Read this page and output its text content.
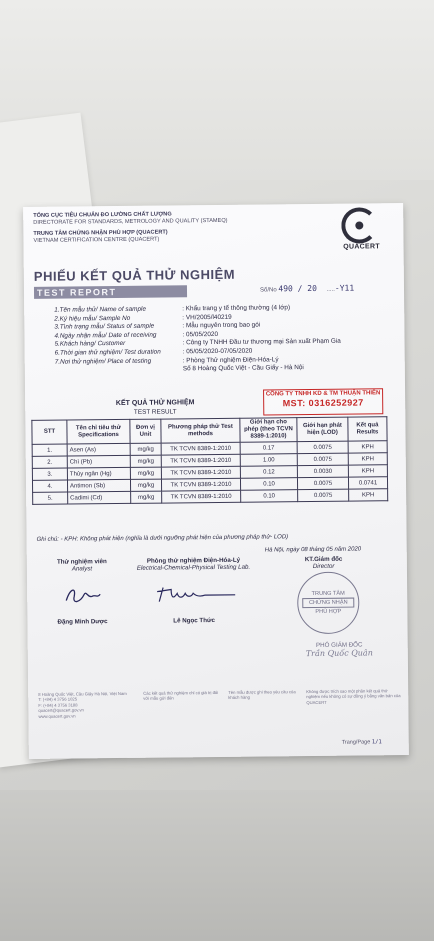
TỔNG CỤC TIÊU CHUẨN ĐO LƯỜNG CHẤT LƯỢNG
DIRECTORATE FOR STANDARDS, METROLOGY AND QUALITY (STAMEQ)
TRUNG TÂM CHỨNG NHẬN PHÙ HỢP (QUACERT)
VIETNAM CERTIFICATION CENTRE (QUACERT)
QUACERT
PHIẾU KẾT QUẢ THỬ NGHIỆM
TEST REPORT	Số/No 490 / 20 .....-Y11
1.Tên mẫu thử/ Name of sample	: Khẩu trang y tế thông thường (4 lớp)
2.Ký hiệu mẫu/ Sample No	: VH/2005/l40219
3.Tình trạng mẫu/ Status of sample	: Mẫu nguyên trong bao gói
4.Ngày nhận mẫu/ Date of receiving	: 05/05/2020
5.Khách hàng/ Customer	: Công ty TNHH Đầu tư thương mại Sản xuất Phạm Gia
6.Thời gian thử nghiệm/ Test duration	: 05/05/2020-07/05/2020
7.Nơi thử nghiệm/ Place of testing	: Phòng Thử nghiệm Điện-Hóa-Lý
Số 8 Hoàng Quốc Việt - Cầu Giấy - Hà Nội
KẾT QUẢ THỬ NGHIỆM
TEST RESULT
CÔNG TY TNHH KD & TM THUẬN THIÊN
MST: 0316252927
STT	Tên chỉ tiêu thử Specifications	Đơn vị Unit	Phương pháp thử Test methods	Giới hạn cho phép (theo TCVN 8389-1:2010)	Giới hạn phát hiện (LOD)	Kết quả Results
1.	Asen (As)	mg/kg	TK TCVN 8389-1:2010	0.17	0.0075	KPH
2.	Chì (Pb)	mg/kg	TK TCVN 8389-1:2010	1.00	0.0075	KPH
3.	Thủy ngân (Hg)	mg/kg	TK TCVN 8389-1:2010	0.12	0.0030	KPH
4.	Antimon (Sb)	mg/kg	TK TCVN 8389-1:2010	0.10	0.0075	0.0741
5.	Cadimi (Cd)	mg/kg	TK TCVN 8389-1:2010	0.10	0.0075	KPH
Ghi chú: - KPH: Không phát hiện (nghĩa là dưới ngưỡng phát hiện của phương pháp thử- LOD)
Hà Nội, ngày 08 tháng 05 năm 2020
Thử nghiệm viên
Analyst
Đặng Minh Dược
Phòng thử nghiệm Điện-Hóa-Lý
Electrical-Chemical-Physical Testing Lab.
Lê Ngọc Thức
KT.Giám đốc
Director
TRUNG TÂM
CHỨNG NHẬN
PHÙ HỢP
PHÓ GIÁM ĐỐC
Trần Quốc Quân
8 Hoàng Quốc Việt, Cầu Giấy Hà Nội, Việt Nam
T: (+84) 4 3756 1025
F: (+84) 4 3756 3188
quacert@quacert.gov.vn
www.quacert.gov.vn
Các kết quả thử nghiệm chỉ có giá trị đối với mẫu gửi đến
Tên mẫu được ghi theo yêu cầu của khách hàng
Không được trích sao một phần kết quả thử nghiệm nếu không có sự đồng ý bằng văn bản của QUACERT
Trang/Page 1/1
